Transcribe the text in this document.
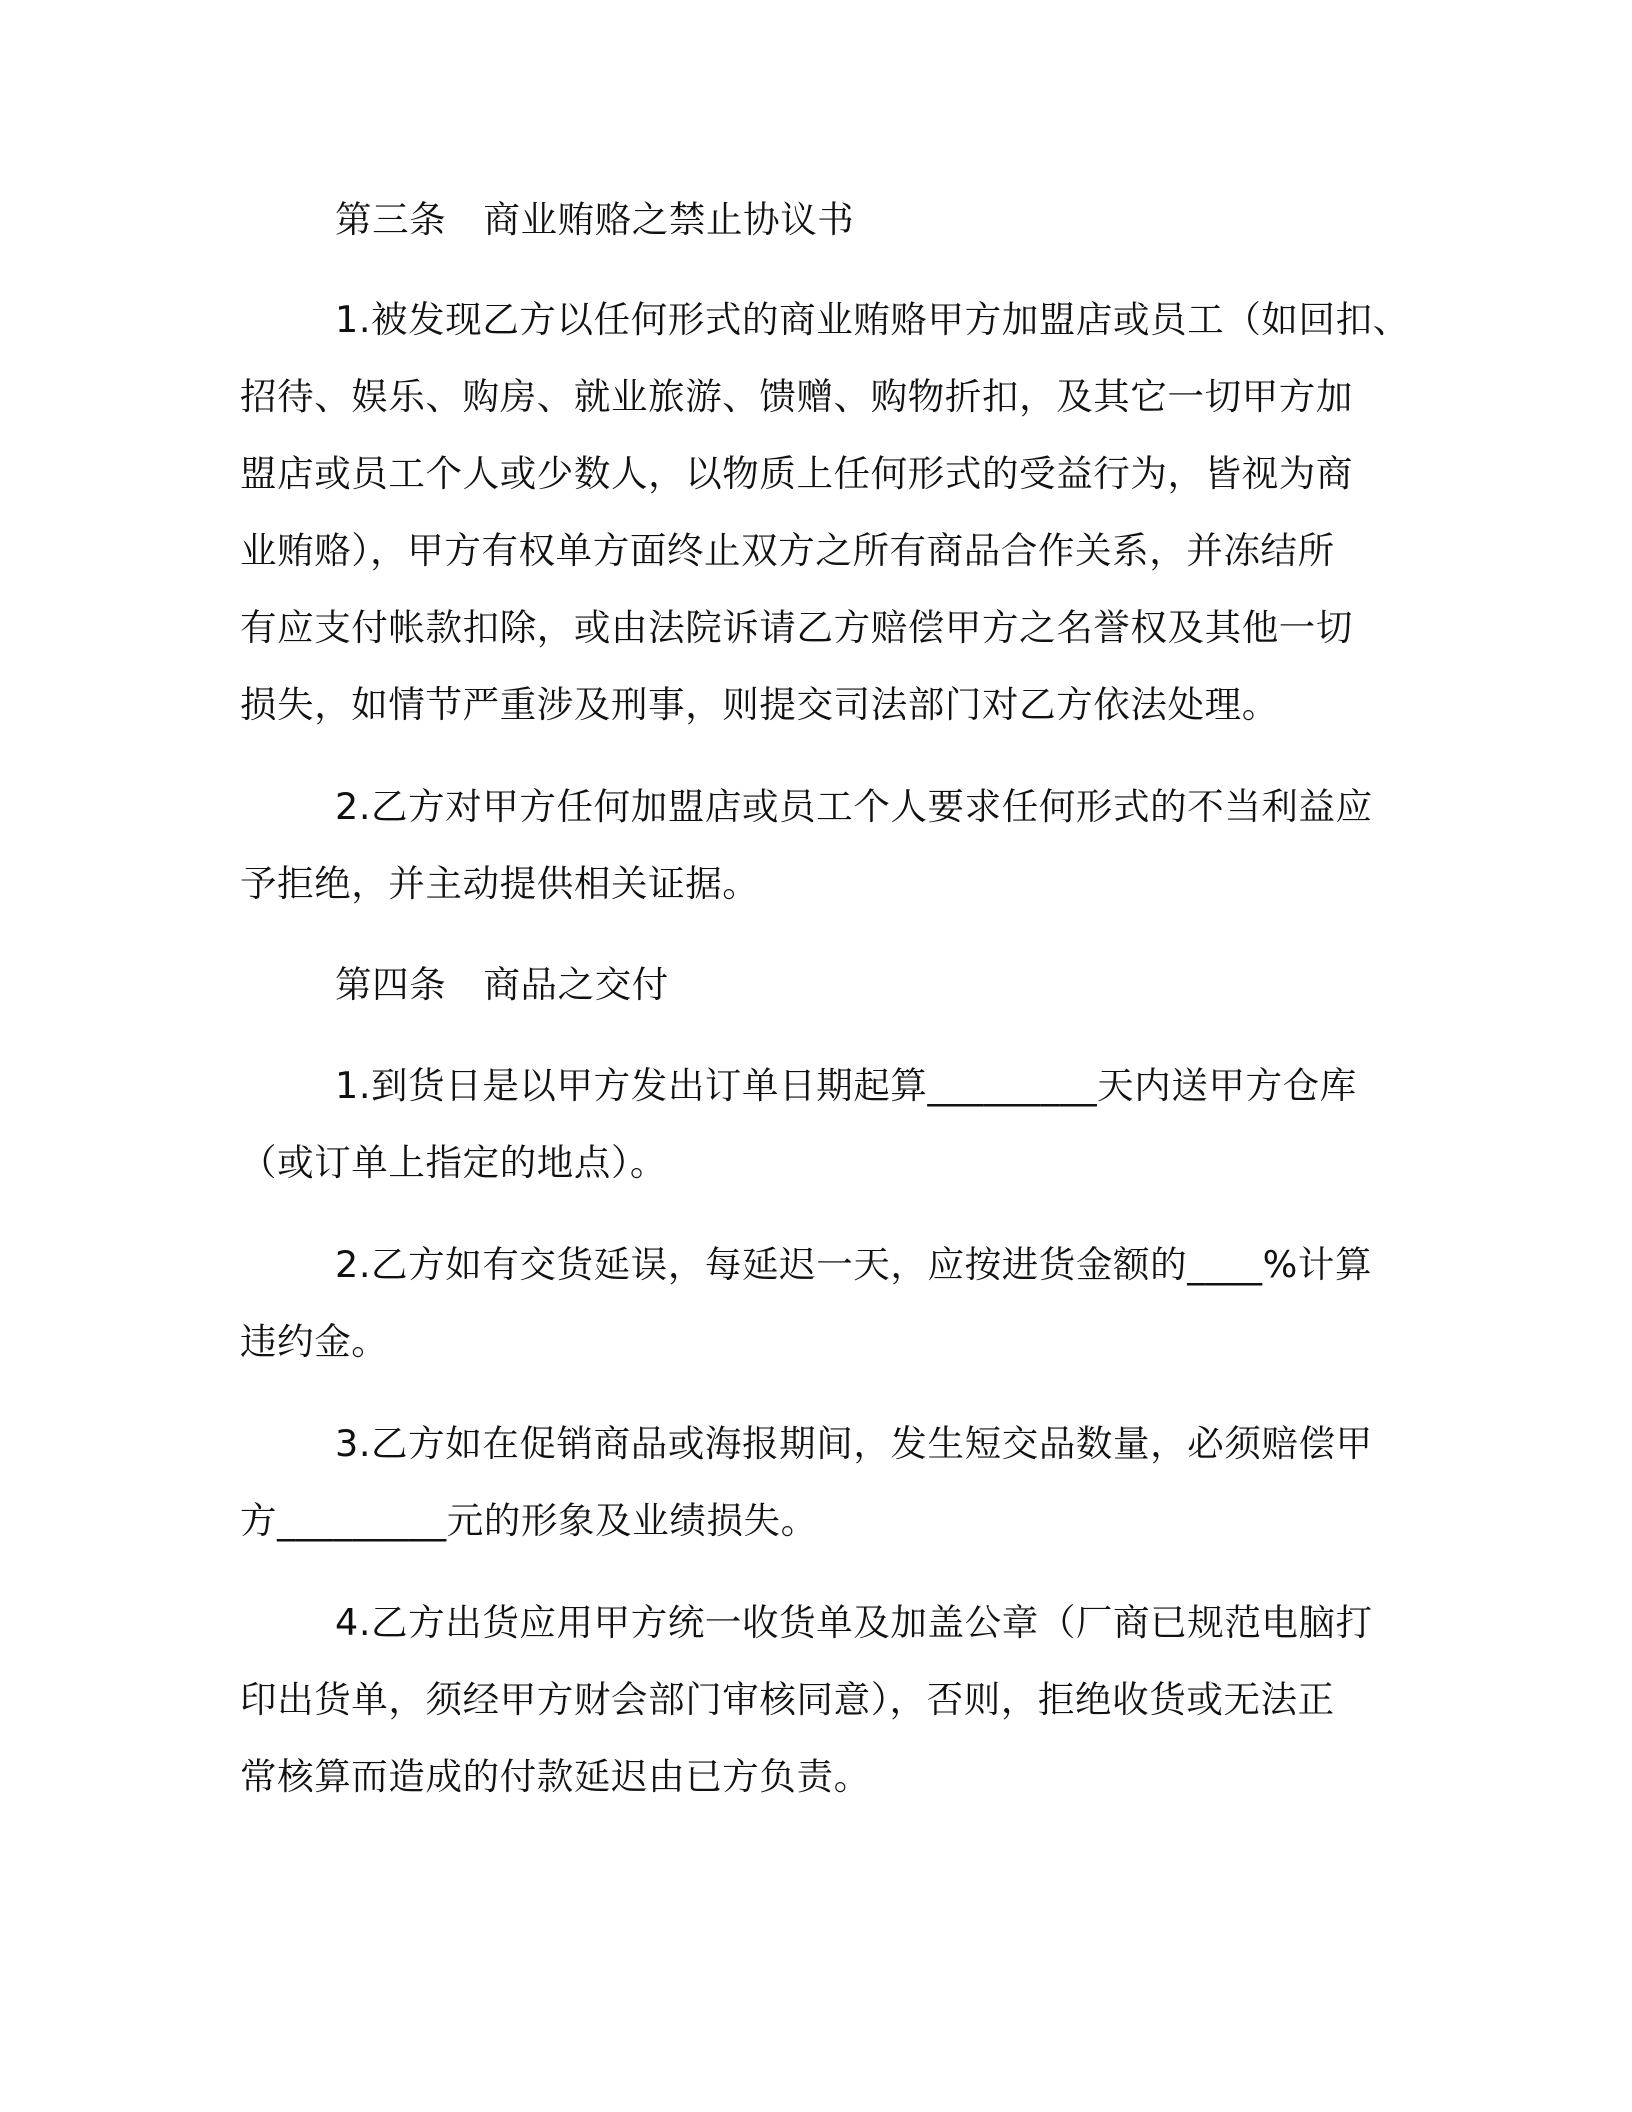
第三条　商业贿赂之禁止协议书
1.被发现乙方以任何形式的商业贿赂甲方加盟店或员工（如回扣、
招待、娱乐、购房、就业旅游、馈赠、购物折扣，及其它一切甲方加
盟店或员工个人或少数人，以物质上任何形式的受益行为，皆视为商
业贿赂），甲方有权单方面终止双方之所有商品合作关系，并冻结所
有应支付帐款扣除，或由法院诉请乙方赔偿甲方之名誉权及其他一切
损失，如情节严重涉及刑事，则提交司法部门对乙方依法处理。
2.乙方对甲方任何加盟店或员工个人要求任何形式的不当利益应
予拒绝，并主动提供相关证据。
第四条　商品之交付
1.到货日是以甲方发出订单日期起算_________天内送甲方仓库
（或订单上指定的地点）。
2.乙方如有交货延误，每延迟一天，应按进货金额的____%计算
违约金。
3.乙方如在促销商品或海报期间，发生短交品数量，必须赔偿甲
方_________元的形象及业绩损失。
4.乙方出货应用甲方统一收货单及加盖公章（厂商已规范电脑打
印出货单，须经甲方财会部门审核同意），否则，拒绝收货或无法正
常核算而造成的付款延迟由已方负责。
